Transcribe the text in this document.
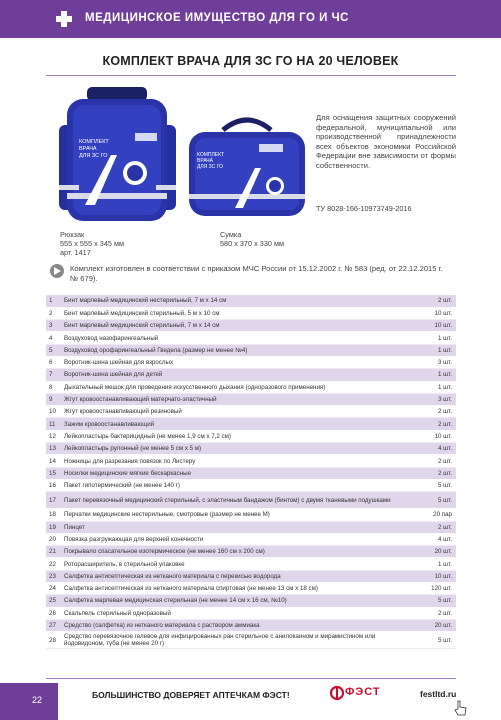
МЕДИЦИНСКОЕ ИМУЩЕСТВО ДЛЯ ГО И ЧС
КОМПЛЕКТ ВРАЧА ДЛЯ ЗС ГО НА 20 ЧЕЛОВЕК
КОМПЛЕКТ
ВРАЧА
ДЛЯ ЗС ГО	КОМПЛЕКТ
ВРАЧА
ДЛЯ ЗС ГО
Рюкзак
555 х 555 х 345 мм
арт. 1417
Сумка
580 х 370 х 330 мм
Для оснащения защитных сооружений федеральной, муниципальной или производственной принадлежности всех объектов экономики Российской Федерации вне зависимости от формы собственности.
ТУ 8028-166-10973749-2016
Комплект изготовлен в соответствии с приказом МЧС России от 15.12.2002 г. № 583 (ред. от 22.12.2015 г. № 679).
1	Бинт марлевый медицинский нестерильный, 7 м х 14 см	2 шт.
2	Бинт марлевый медицинский стерильный, 5 м х 10 см	10 шт.
3	Бинт марлевый медицинский стерильный, 7 м х 14 см	10 шт.
4	Воздуховод назофарингеальный	1 шт.
5	Воздуховод орофарингеальный Гведела (размер не менее №4)	1 шт.
6	Воротник-шина шейная для взрослых	3 шт.
7	Воротник-шина шейная для детей	1 шт.
8	Дыхательный мешок для проведения искусственного дыхания (одноразового применения)	1 шт.
9	Жгут кровоостанавливающий матерчато-эластичный	3 шт.
10	Жгут кровоостанавливающий резиновый	2 шт.
11	Зажим кровоостанавливающий	2 шт.
12	Лейкопластырь бактерицидный (не менее 1,9 см х 7,2 см)	10 шт.
13	Лейкопластырь рулонный (не менее 5 см х 5 м)	4 шт.
14	Ножницы для разрезания повязок по Листеру	2 шт.
15	Носилки медицинские мягкие бескаркасные	2 шт.
16	Пакет гипотермический (не менее 140 г)	5 шт.
17	Пакет перевязочный медицинский стерильный, с эластичным бандажом (бинтом) с двумя тканевыми подушками	5 шт.
18	Перчатки медицинские нестерильные, смотровые (размер не менее М)	20 пар
19	Пинцет	2 шт.
20	Повязка разгружающая для верхней конечности	4 шт.
21	Покрывало спасательное изотермическое (не менее 160 см х 200 см)	20 шт.
22	Роторасширитель, в стерильной упаковке	1 шт.
23	Салфетка антисептическая из нетканого материала с перекисью водорода	10 шт.
24	Салфетка антисептическая из нетканого материала спиртовая (не менее 13 см х 18 см)	120 шт.
25	Салфетка марлевая медицинская стерильная (не менее 14 см х 16 см, №10)	5 шт.
26	Скальпель стерильный одноразовый	2 шт.
27	Средство (салфетка) из нетканого материала с раствором аммиака	20 шт.
28	Средство перевязочное гелевое для инфицированных ран стерильное с анилокаином и мирамистином или йодовидоном, туба (не менее 20 г)	5 шт.
22	БОЛЬШИНСТВО ДОВЕРЯЕТ АПТЕЧКАМ ФЭСТ!	ФЭСТ	festltd.ru
